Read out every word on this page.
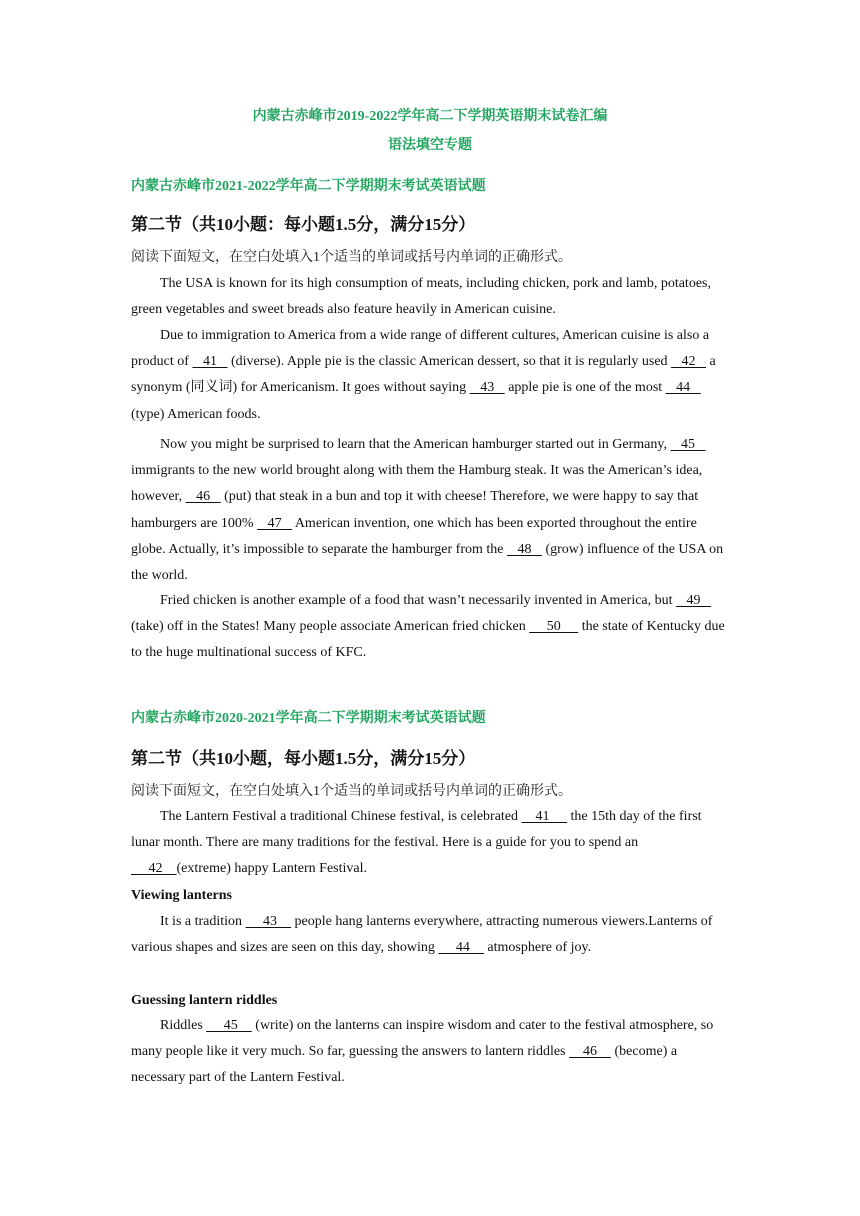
内蒙古赤峰市2019-2022学年高二下学期英语期末试卷汇编
语法填空专题
内蒙古赤峰市2021-2022学年高二下学期期末考试英语试题
第二节（共10小题：每小题1.5分，满分15分）
阅读下面短文，在空白处填入1个适当的单词或括号内单词的正确形式。

The USA is known for its high consumption of meats, including chicken, pork and lamb, potatoes, green vegetables and sweet breads also feature heavily in American cuisine.

Due to immigration to America from a wide range of different cultures, American cuisine is also a product of    41    (diverse). Apple pie is the classic American dessert, so that it is regularly used    42    a synonym (同义词) for Americanism. It goes without saying    43    apple pie is one of the most    44    (type) American foods.

Now you might be surprised to learn that the American hamburger started out in Germany,    45    immigrants to the new world brought along with them the Hamburg steak. It was the American’s idea, however,    46    (put) that steak in a bun and top it with cheese! Therefore, we were happy to say that hamburgers are 100%    47    American invention, one which has been exported throughout the entire globe. Actually, it’s impossible to separate the hamburger from the    48    (grow) influence of the USA on the world.

Fried chicken is another example of a food that wasn’t necessarily invented in America, but    49    (take) off in the States! Many people associate American fried chicken      50      the state of Kentucky due to the huge multinational success of KFC.

内蒙古赤峰市2020-2021学年高二下学期期末考试英语试题
第二节（共10小题，每小题1.5分，满分15分）
阅读下面短文，在空白处填入1个适当的单词或括号内单词的正确形式。

The Lantern Festival a traditional Chinese festival, is celebrated     41      the 15th day of the first lunar month. There are many traditions for the festival. Here is a guide for you to spend an      42    (extreme) happy Lantern Festival.

Viewing lanterns

It is a tradition      43     people hang lanterns everywhere, attracting numerous viewers.Lanterns of various shapes and sizes are seen on this day, showing      44     atmosphere of joy.

Guessing lantern riddles

Riddles      45     (write) on the lanterns can inspire wisdom and cater to the festival atmosphere, so many people like it very much. So far, guessing the answers to lantern riddles     46     (become) a necessary part of the Lantern Festival.
